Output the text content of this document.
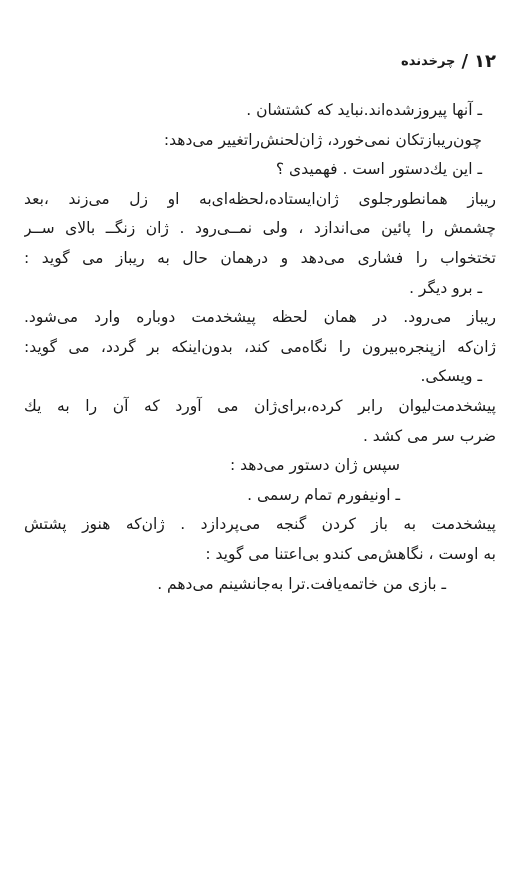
۱۲
/
چرخدنده
ـ آنها پیروزشده‌اند.نباید که کشتشان .
چون‌ریباز‌تکان نمی‌خورد، ژان‌لحنش‌را‌تغییر می‌دهد:
ـ این یك‌دستور است . فهمیدی ؟
ریباز همانطورجلوی ژان‌ایستاده،لحظه‌ای‌به او زل می‌زند ،بعد
چشمش را پائین می‌اندازد ، ولی نمــی‌رود . ژان زنگــ بالای ســر
تختخواب را فشاری می‌دهد و درهمان حال به ریباز می گوید :
ـ برو دیگر .
ریباز می‌رود. در همان لحظه پیشخدمت دوباره وارد می‌شود.
ژان‌که ازپنجره‌بیرون را نگاه‌می کند، بدون‌اینکه بر گردد، می گوید:
ـ ویسکی.
پیشخدمت‌لیوان رابر کرده،برای‌ژان می آورد که آن را به یك
ضرب سر می کشد .
سپس ژان دستور می‌دهد :
ـ اونیفورم تمام رسمی .
پیشخدمت به باز کردن گنجه می‌پردازد . ژان‌که هنوز پشتش
به اوست ، نگاهش‌می کندو بی‌اعتنا می گوید :
ـ بازی من خاتمه‌یافت.ترا به‌جانشینم می‌دهم .
